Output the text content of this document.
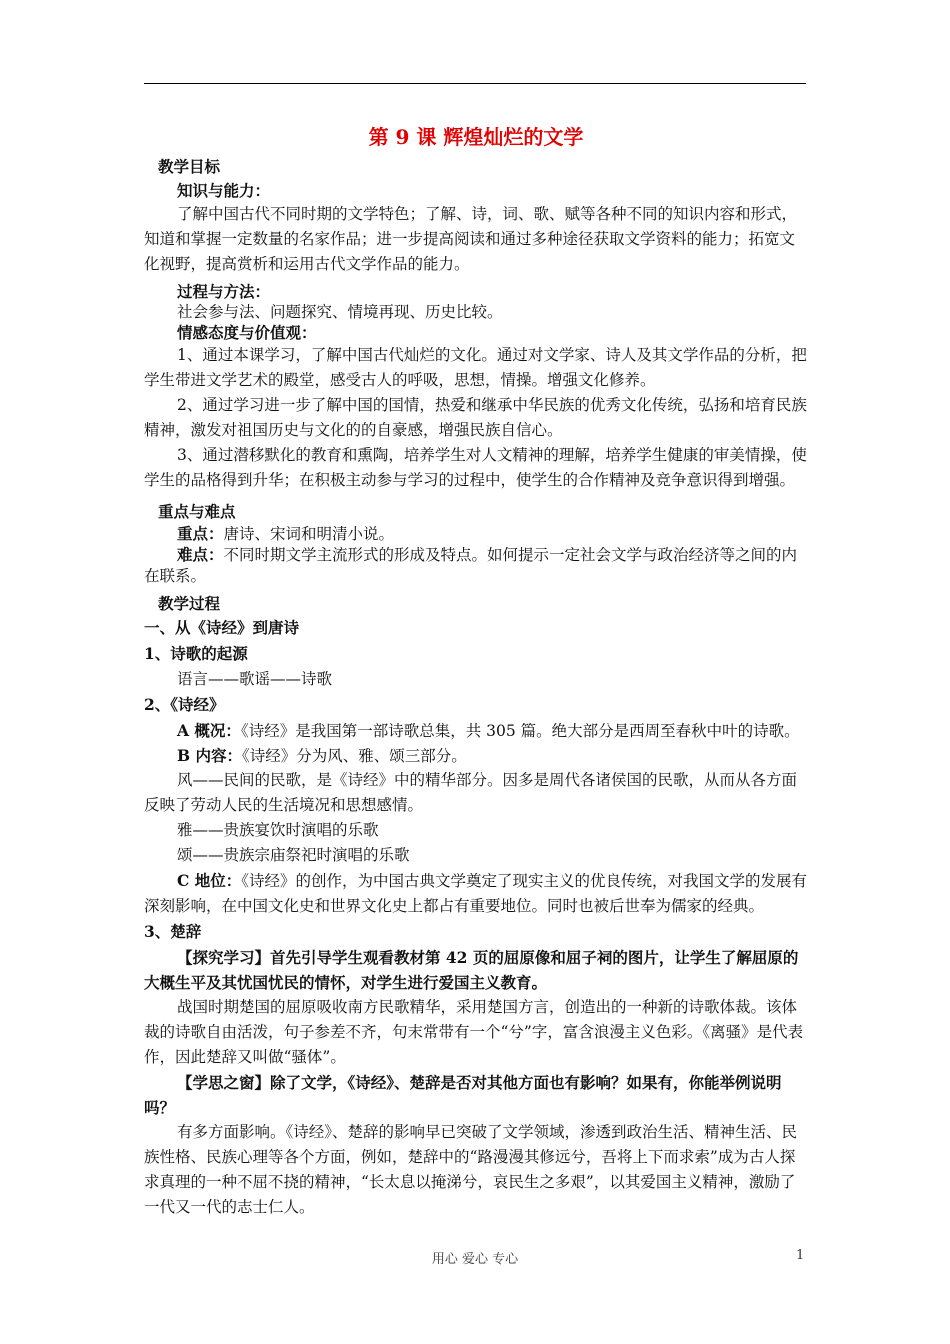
第 9 课 辉煌灿烂的文学

教学目标

知识与能力：

了解中国古代不同时期的文学特色；了解、诗，词、歌、赋等各种不同的知识内容和形式，知道和掌握一定数量的名家作品；进一步提高阅读和通过多种途径获取文学资料的能力；拓宽文化视野，提高赏析和运用古代文学作品的能力。

过程与方法：

社会参与法、问题探究、情境再现、历史比较。

情感态度与价值观：

1、通过本课学习，了解中国古代灿烂的文化。通过对文学家、诗人及其文学作品的分析，把学生带进文学艺术的殿堂，感受古人的呼吸，思想，情操。增强文化修养。

2、通过学习进一步了解中国的国情，热爱和继承中华民族的优秀文化传统，弘扬和培育民族精神，激发对祖国历史与文化的的自豪感，增强民族自信心。

3、通过潜移默化的教育和熏陶，培养学生对人文精神的理解，培养学生健康的审美情操，使学生的品格得到升华；在积极主动参与学习的过程中，使学生的合作精神及竞争意识得到增强。

重点与难点

重点：唐诗、宋词和明清小说。

难点：不同时期文学主流形式的形成及特点。如何提示一定社会文学与政治经济等之间的内在联系。

教学过程

一、从《诗经》到唐诗

1、诗歌的起源

语言——歌谣——诗歌

2、《诗经》

A 概况：《诗经》是我国第一部诗歌总集，共 305 篇。绝大部分是西周至春秋中叶的诗歌。

B 内容：《诗经》分为风、雅、颂三部分。

风——民间的民歌，是《诗经》中的精华部分。因多是周代各诸侯国的民歌，从而从各方面反映了劳动人民的生活境况和思想感情。

雅——贵族宴饮时演唱的乐歌

颂——贵族宗庙祭祀时演唱的乐歌

C 地位：《诗经》的创作，为中国古典文学奠定了现实主义的优良传统，对我国文学的发展有深刻影响，在中国文化史和世界文化史上都占有重要地位。同时也被后世奉为儒家的经典。

3、楚辞

【探究学习】首先引导学生观看教材第 42 页的屈原像和屈子祠的图片，让学生了解屈原的大概生平及其忧国忧民的情怀，对学生进行爱国主义教育。

战国时期楚国的屈原吸收南方民歌精华，采用楚国方言，创造出的一种新的诗歌体裁。该体裁的诗歌自由活泼，句子参差不齐，句末常带有一个“兮”字，富含浪漫主义色彩。《离骚》是代表作，因此楚辞又叫做“骚体”。

【学思之窗】除了文学，《诗经》、楚辞是否对其他方面也有影响？如果有，你能举例说明吗？

有多方面影响。《诗经》、楚辞的影响早已突破了文学领域，渗透到政治生活、精神生活、民族性格、民族心理等各个方面，例如，楚辞中的“路漫漫其修远兮，吾将上下而求索”成为古人探求真理的一种不屈不挠的精神，“长太息以掩涕兮，哀民生之多艰”，以其爱国主义精神，激励了一代又一代的志士仁人。

用心 爱心 专心	1
